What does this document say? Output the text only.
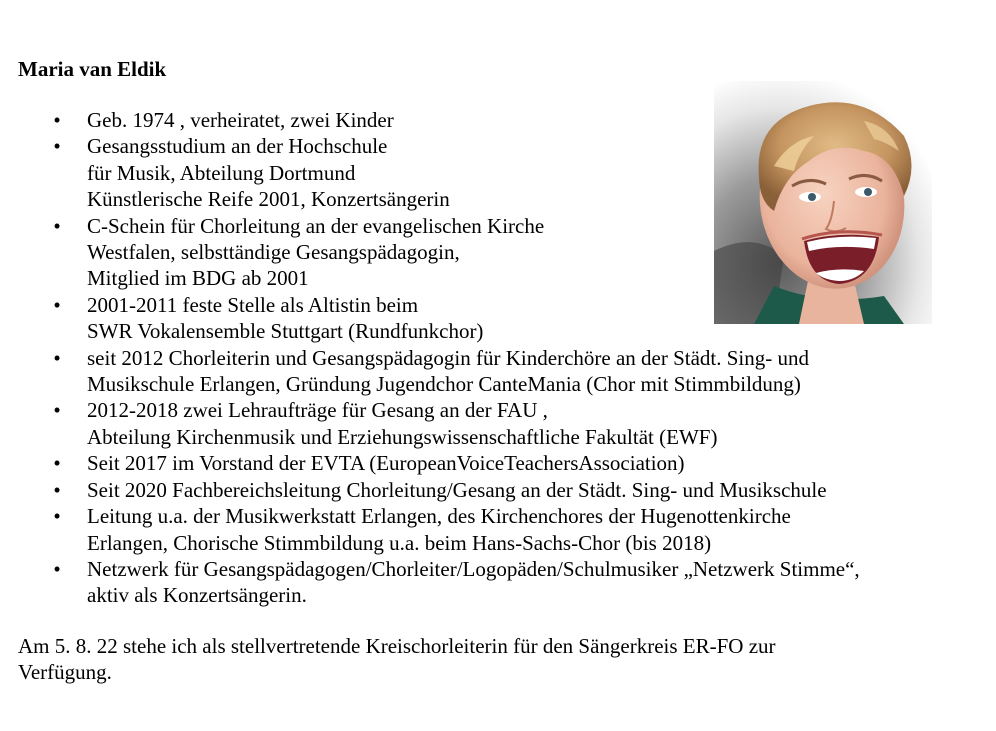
Maria van Eldik
• Geb. 1974 , verheiratet, zwei Kinder
• Gesangsstudium an der Hochschule
für Musik, Abteilung Dortmund
Künstlerische Reife 2001, Konzertsängerin
• C-Schein für Chorleitung an der evangelischen Kirche
Westfalen, selbsttändige Gesangspädagogin,
Mitglied im BDG ab 2001
• 2001-2011 feste Stelle als Altistin beim
SWR Vokalensemble Stuttgart (Rundfunkchor)
• seit 2012 Chorleiterin und Gesangspädagogin für Kinderchöre an der Städt. Sing- und
Musikschule Erlangen, Gründung Jugendchor CanteMania (Chor mit Stimmbildung)
• 2012-2018 zwei Lehraufträge für Gesang an der FAU ,
Abteilung Kirchenmusik und Erziehungswissenschaftliche Fakultät (EWF)
• Seit 2017 im Vorstand der EVTA (EuropeanVoiceTeachersAssociation)
• Seit 2020 Fachbereichsleitung Chorleitung/Gesang an der Städt. Sing- und Musikschule
• Leitung u.a. der Musikwerkstatt Erlangen, des Kirchenchores der Hugenottenkirche
Erlangen, Chorische Stimmbildung u.a. beim Hans-Sachs-Chor (bis 2018)
• Netzwerk für Gesangspädagogen/Chorleiter/Logopäden/Schulmusiker „Netzwerk Stimme“,
aktiv als Konzertsängerin.

Am 5. 8. 22 stehe ich als stellvertretende Kreischorleiterin für den Sängerkreis ER-FO zur
Verfügung.
